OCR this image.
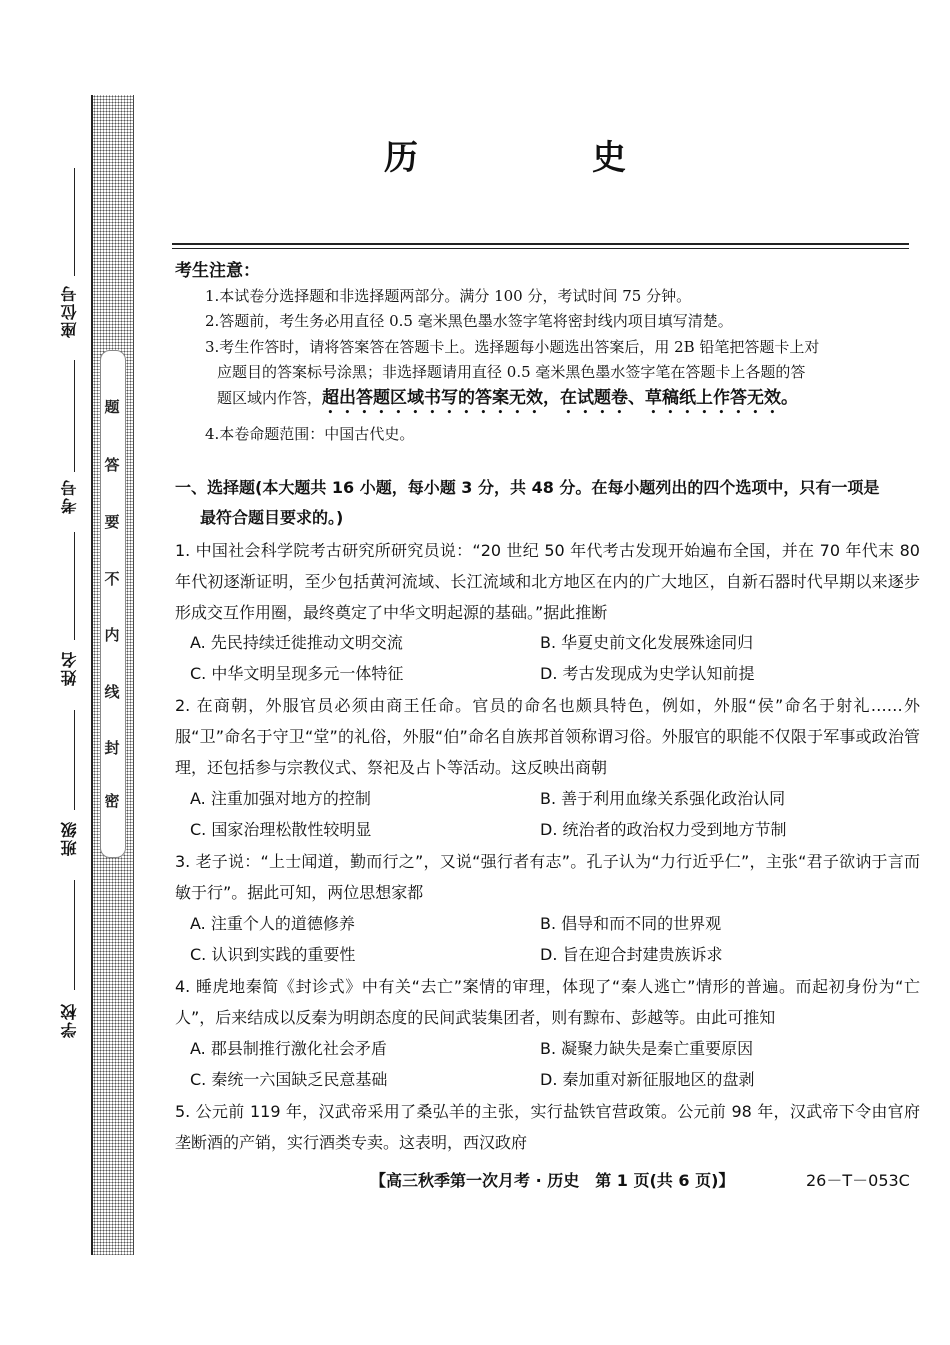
题
答
要
不
内
线
封
密
座位号
考号
姓名
班级
学校
历　史
考生注意：
1.本试卷分选择题和非选择题两部分。满分 100 分，考试时间 75 分钟。
2.答题前，考生务必用直径 0.5 毫米黑色墨水签字笔将密封线内项目填写清楚。
3.考生作答时，请将答案答在答题卡上。选择题每小题选出答案后，用 2B 铅笔把答题卡上对
应题目的答案标号涂黑；非选择题请用直径 0.5 毫米黑色墨水签字笔在答题卡上各题的答
题区域内作答，超出答题区域书写的答案无效，在试题卷、草稿纸上作答无效。
4.本卷命题范围：中国古代史。
一、选择题(本大题共 16 小题，每小题 3 分，共 48 分。在每小题列出的四个选项中，只有一项是
最符合题目要求的。)
1. 中国社会科学院考古研究所研究员说：“20 世纪 50 年代考古发现开始遍布全国，并在 70 年代末 80 年代初逐渐证明，至少包括黄河流域、长江流域和北方地区在内的广大地区，自新石器时代早期以来逐步形成交互作用圈，最终奠定了中华文明起源的基础。”据此推断
A. 先民持续迁徙推动文明交流	B. 华夏史前文化发展殊途同归
C. 中华文明呈现多元一体特征	D. 考古发现成为史学认知前提
2. 在商朝，外服官员必须由商王任命。官员的命名也颇具特色，例如，外服“侯”命名于射礼……外服“卫”命名于守卫“堂”的礼俗，外服“伯”命名自族邦首领称谓习俗。外服官的职能不仅限于军事或政治管理，还包括参与宗教仪式、祭祀及占卜等活动。这反映出商朝
A. 注重加强对地方的控制	B. 善于利用血缘关系强化政治认同
C. 国家治理松散性较明显	D. 统治者的政治权力受到地方节制
3. 老子说：“上士闻道，勤而行之”，又说“强行者有志”。孔子认为“力行近乎仁”，主张“君子欲讷于言而敏于行”。据此可知，两位思想家都
A. 注重个人的道德修养	B. 倡导和而不同的世界观
C. 认识到实践的重要性	D. 旨在迎合封建贵族诉求
4. 睡虎地秦简《封诊式》中有关“去亡”案情的审理，体现了“秦人逃亡”情形的普遍。而起初身份为“亡人”，后来结成以反秦为明朗态度的民间武装集团者，则有黥布、彭越等。由此可推知
A. 郡县制推行激化社会矛盾	B. 凝聚力缺失是秦亡重要原因
C. 秦统一六国缺乏民意基础	D. 秦加重对新征服地区的盘剥
5. 公元前 119 年，汉武帝采用了桑弘羊的主张，实行盐铁官营政策。公元前 98 年，汉武帝下令由官府垄断酒的产销，实行酒类专卖。这表明，西汉政府
【高三秋季第一次月考 · 历史　第 1 页(共 6 页)】	26－T－053C
